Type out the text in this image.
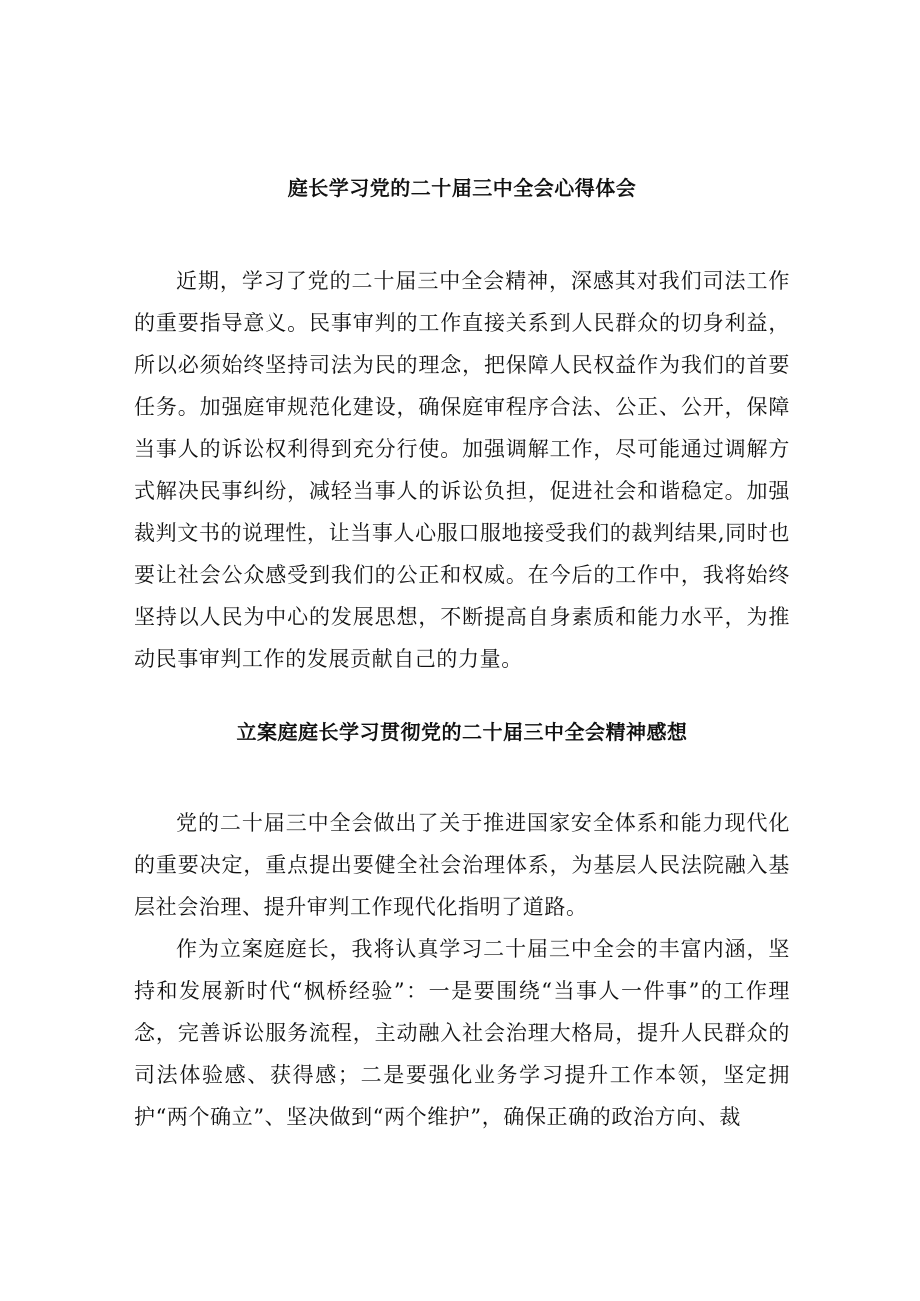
庭长学习党的二十届三中全会心得体会

近期，学习了党的二十届三中全会精神，深感其对我们司法工作的重要指导意义。民事审判的工作直接关系到人民群众的切身利益，所以必须始终坚持司法为民的理念，把保障人民权益作为我们的首要任务。加强庭审规范化建设，确保庭审程序合法、公正、公开，保障当事人的诉讼权利得到充分行使。加强调解工作，尽可能通过调解方式解决民事纠纷，减轻当事人的诉讼负担，促进社会和谐稳定。加强裁判文书的说理性，让当事人心服口服地接受我们的裁判结果,同时也要让社会公众感受到我们的公正和权威。在今后的工作中，我将始终坚持以人民为中心的发展思想，不断提高自身素质和能力水平，为推动民事审判工作的发展贡献自己的力量。

立案庭庭长学习贯彻党的二十届三中全会精神感想

党的二十届三中全会做出了关于推进国家安全体系和能力现代化的重要决定，重点提出要健全社会治理体系，为基层人民法院融入基层社会治理、提升审判工作现代化指明了道路。

作为立案庭庭长，我将认真学习二十届三中全会的丰富内涵，坚持和发展新时代“枫桥经验”：一是要围绕“当事人一件事”的工作理念，完善诉讼服务流程，主动融入社会治理大格局，提升人民群众的司法体验感、获得感；二是要强化业务学习提升工作本领，坚定拥护“两个确立”、坚决做到“两个维护”，确保正确的政治方向、裁
